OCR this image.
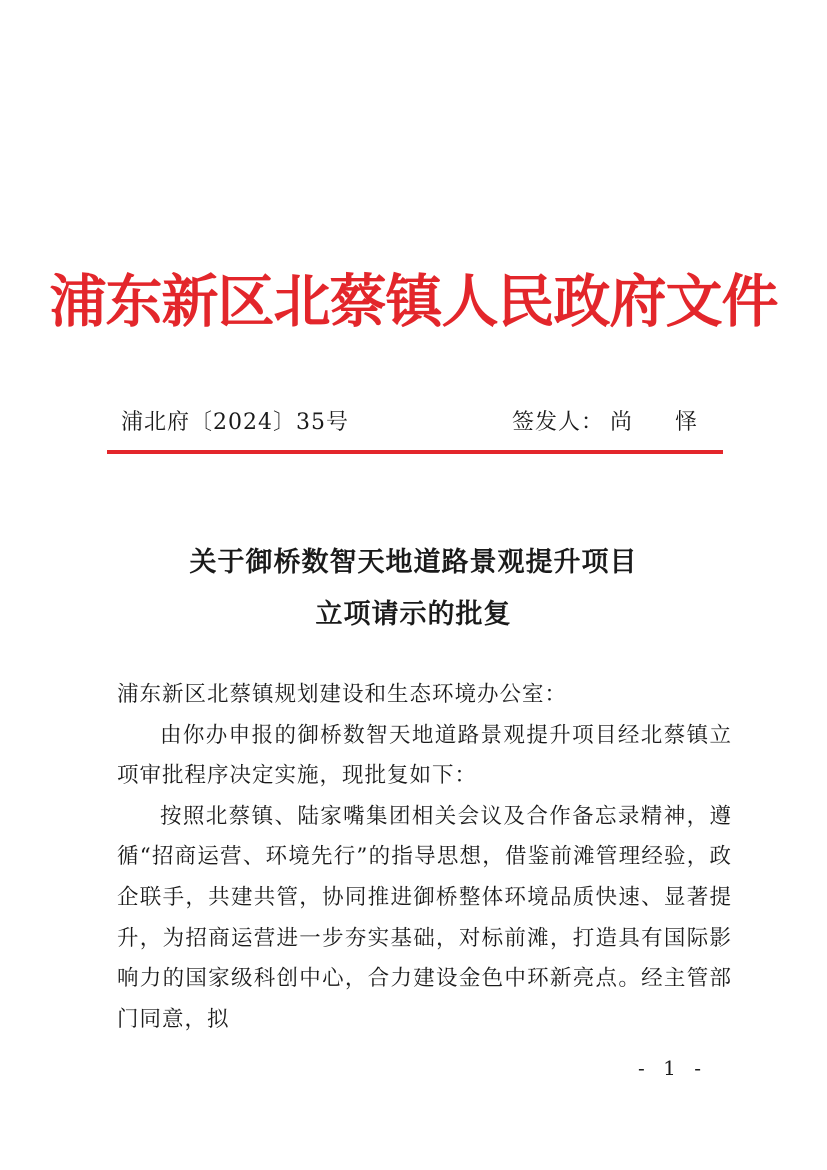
浦东新区北蔡镇人民政府文件
浦北府〔2024〕35号	签发人： 尚 怿
关于御桥数智天地道路景观提升项目
立项请示的批复

浦东新区北蔡镇规划建设和生态环境办公室：

由你办申报的御桥数智天地道路景观提升项目经北蔡镇立项审批程序决定实施，现批复如下：

按照北蔡镇、陆家嘴集团相关会议及合作备忘录精神，遵循“招商运营、环境先行”的指导思想，借鉴前滩管理经验，政企联手，共建共管，协同推进御桥整体环境品质快速、显著提升，为招商运营进一步夯实基础，对标前滩，打造具有国际影响力的国家级科创中心，合力建设金色中环新亮点。经主管部门同意，拟

- 1 -
